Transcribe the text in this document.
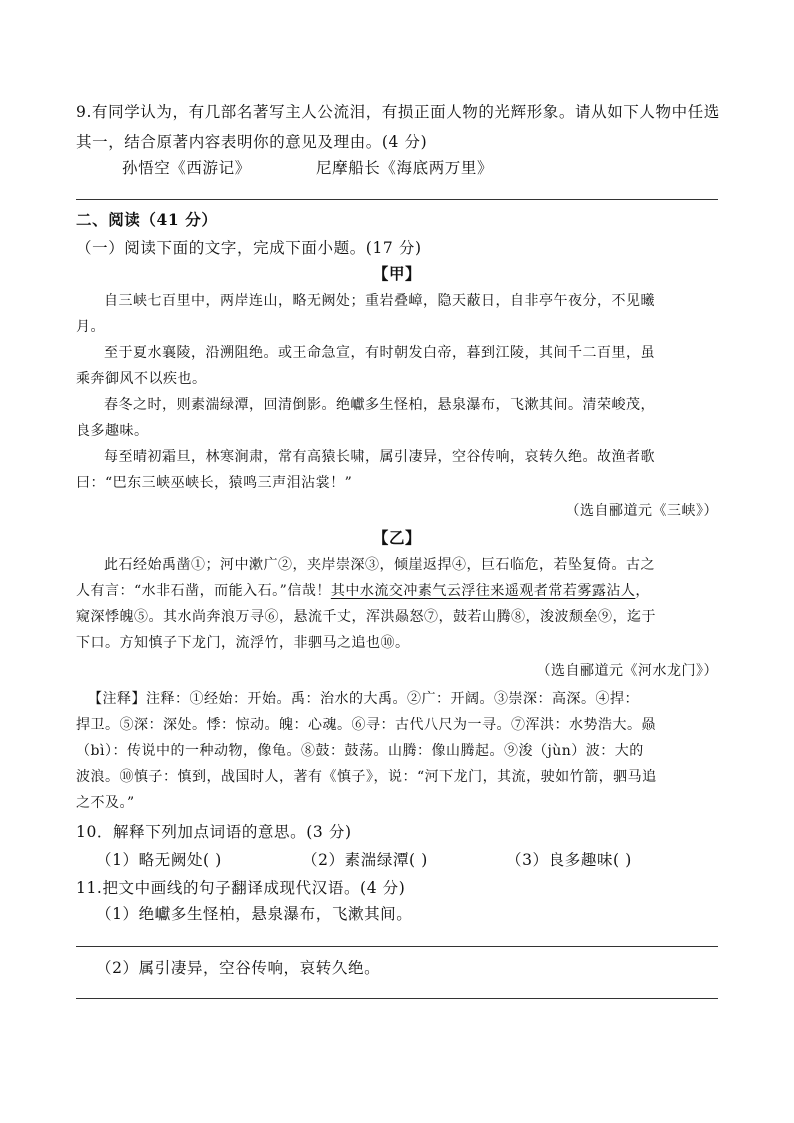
9.有同学认为，有几部名著写主人公流泪，有损正面人物的光辉形象。请从如下人物中任选
其一，结合原著内容表明你的意见及理由。(4 分)
孙悟空《西游记》	尼摩船长《海底两万里》
二、阅读（41 分）
（一）阅读下面的文字，完成下面小题。(17 分)
【甲】
自三峡七百里中，两岸连山，略无阙处；重岩叠嶂，隐天蔽日，自非亭午夜分，不见曦
月。
至于夏水襄陵，沿溯阻绝。或王命急宣，有时朝发白帝，暮到江陵，其间千二百里，虽
乘奔御风不以疾也。
春冬之时，则素湍绿潭，回清倒影。绝巘多生怪柏，悬泉瀑布，飞漱其间。清荣峻茂，
良多趣味。
每至晴初霜旦，林寒涧肃，常有高猿长啸，属引凄异，空谷传响，哀转久绝。故渔者歌
曰：“巴东三峡巫峡长，猿鸣三声泪沾裳！”
（选自郦道元《三峡》）
【乙】
此石经始禹凿①；河中漱广②，夹岸崇深③，倾崖返捍④，巨石临危，若坠复倚。古之
人有言：“水非石凿，而能入石。”信哉！其中水流交冲素气云浮往来遥观者常若雾露沾人，
窥深悸魄⑤。其水尚奔浪万寻⑥，悬流千丈，浑洪赑怒⑦，鼓若山腾⑧，浚波颓垒⑨，迄于
下口。方知慎子下龙门，流浮竹，非驷马之追也⑩。
（选自郦道元《河水龙门》）
【注释】注释：①经始：开始。禹：治水的大禹。②广：开阔。③崇深：高深。④捍：
捍卫。⑤深：深处。悸：惊动。魄：心魂。⑥寻：古代八尺为一寻。⑦浑洪：水势浩大。赑
（bì）：传说中的一种动物，像龟。⑧鼓：鼓荡。山腾：像山腾起。⑨浚（jùn）波：大的
波浪。⑩慎子：慎到，战国时人，著有《慎子》，说：“河下龙门，其流，驶如竹箭，驷马追
之不及。”
10．解释下列加点词语的意思。(3 分)
（1）略无阙处( )	（2）素湍绿潭( )	（3）良多趣味( )
11.把文中画线的句子翻译成现代汉语。(4 分)
（1）绝巘多生怪柏，悬泉瀑布，飞漱其间。
（2）属引凄异，空谷传响，哀转久绝。
